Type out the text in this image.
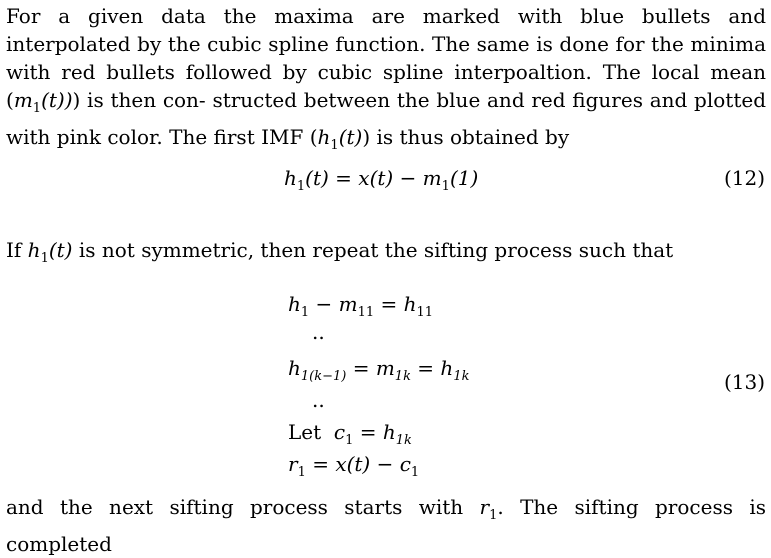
For a given data the maxima are marked with blue bullets and interpolated by the cubic spline function. The same is done for the minima with red bullets followed by cubic spline interpoaltion. The local mean $(m_1(t))$) is then con- structed between the blue and red figures and plotted with pink color. The first IMF $(h_1(t))$ is thus obtained by

$h_1(t) = x(t) - m_1(1)$	(12)

If $h_1(t)$ is not symmetric, then repeat the sifting process such that

$h_1 - m_{11} = h_{11}$
..
$h_{1(k-1)} = m_{1k} = h_{1k}$
..
Let $c_1 = h_{1k}$
$r_1 = x(t) - c_1$
(13)

and the next sifting process starts with $r_1$. The sifting process is completed
